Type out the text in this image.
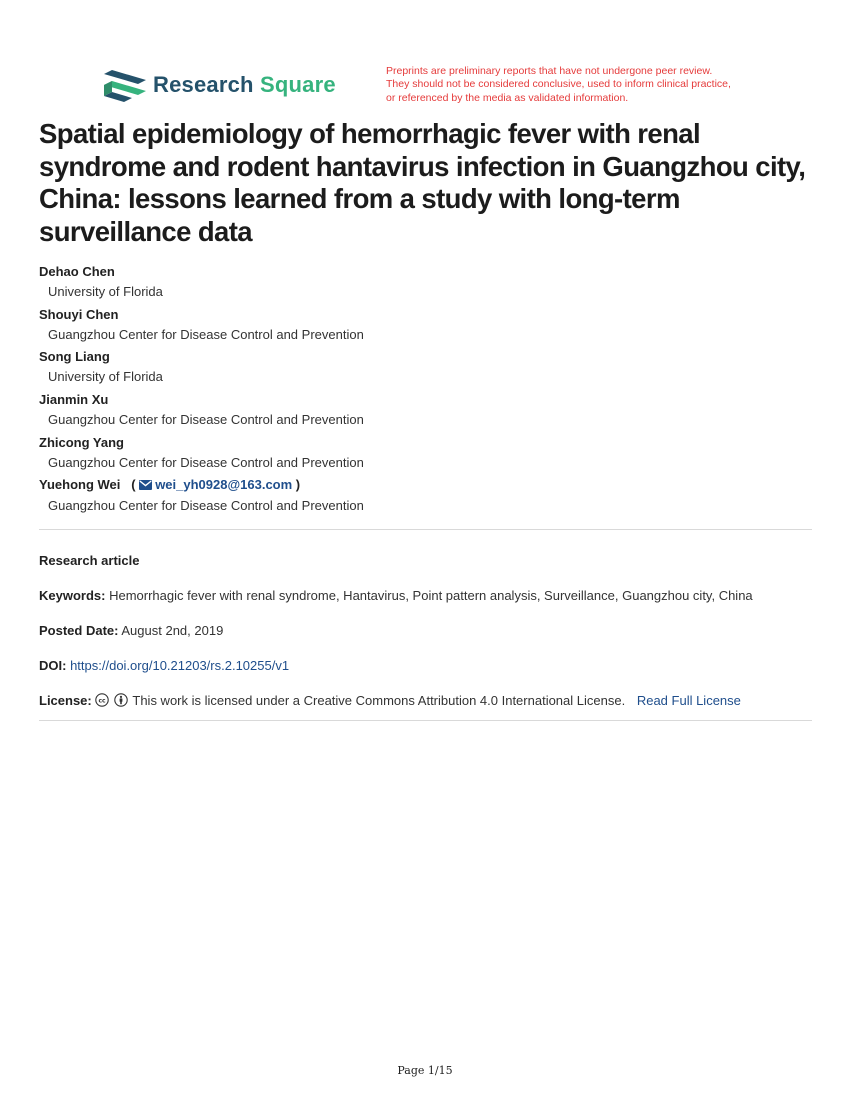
Research Square
Preprints are preliminary reports that have not undergone peer review.
They should not be considered conclusive, used to inform clinical practice,
or referenced by the media as validated information.
Spatial epidemiology of hemorrhagic fever with renal syndrome and rodent hantavirus infection in Guangzhou city, China: lessons learned from a study with long-term surveillance data
Dehao Chen
University of Florida
Shouyi Chen
Guangzhou Center for Disease Control and Prevention
Song Liang
University of Florida
Jianmin Xu
Guangzhou Center for Disease Control and Prevention
Zhicong Yang
Guangzhou Center for Disease Control and Prevention
Yuehong Wei   ( wei_yh0928@163.com )
Guangzhou Center for Disease Control and Prevention
Research article
Keywords: Hemorrhagic fever with renal syndrome, Hantavirus, Point pattern analysis, Surveillance, Guangzhou city, China
Posted Date: August 2nd, 2019
DOI: https://doi.org/10.21203/rs.2.10255/v1
License: cc This work is licensed under a Creative Commons Attribution 4.0 International License. Read Full License
Page 1/15
